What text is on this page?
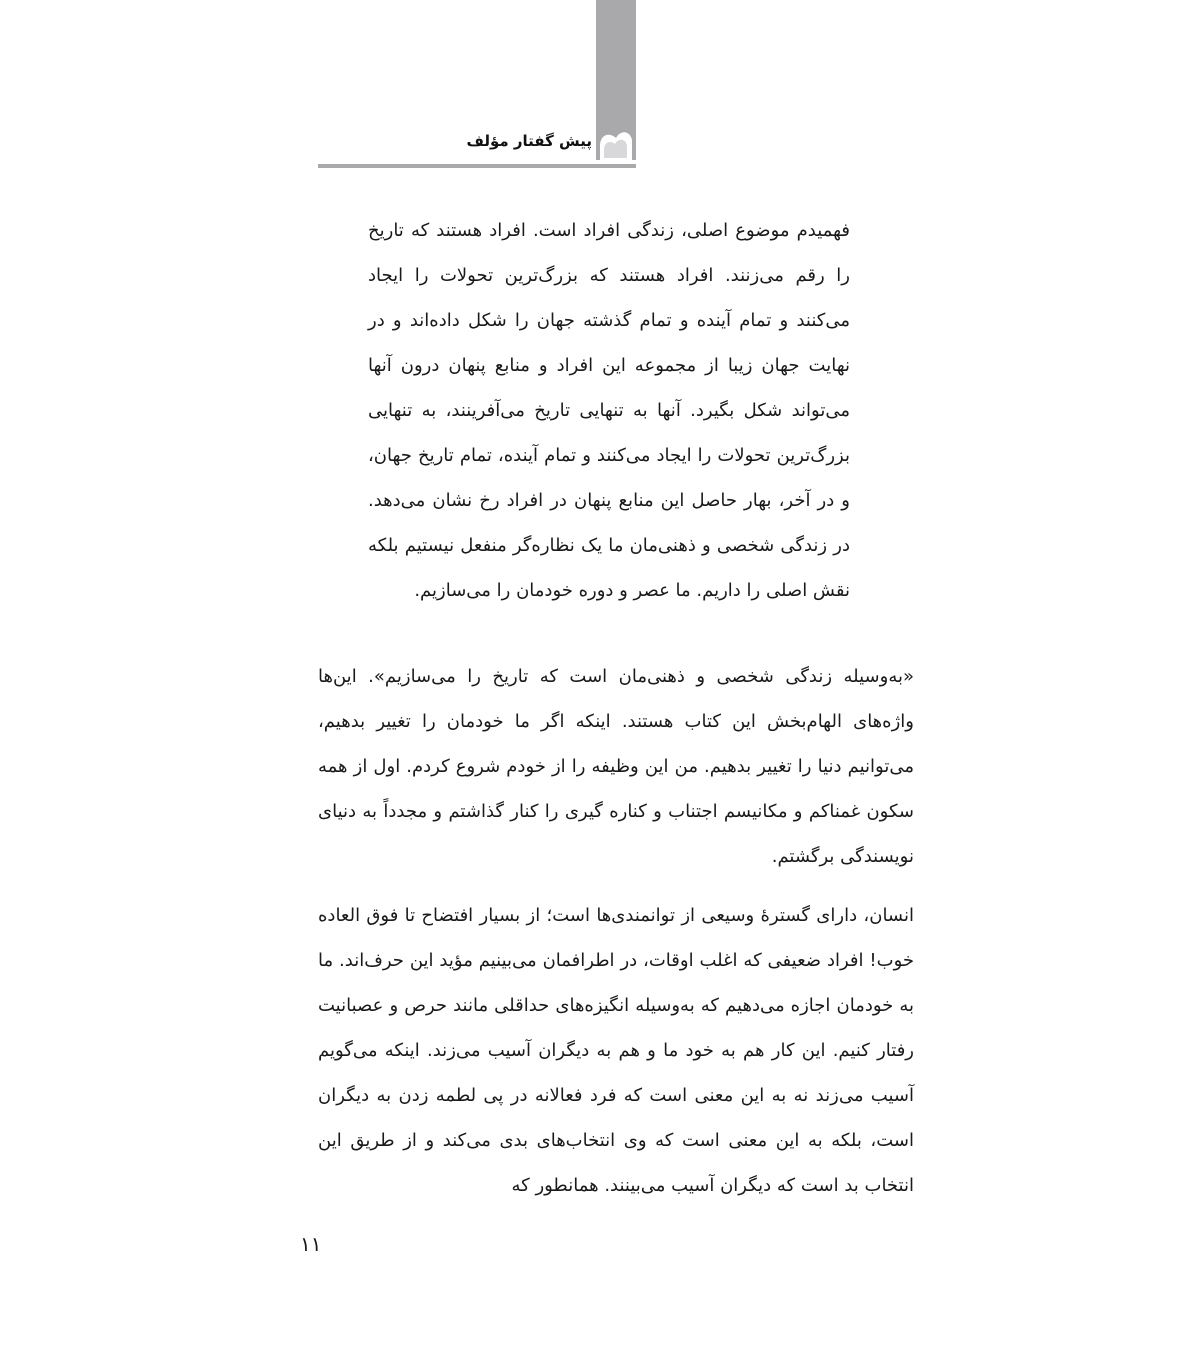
پیش گفتار مؤلف

فهمیدم موضوع اصلی، زندگی افراد است. افراد هستند که تاریخ را رقم می‌زنند. افراد هستند که بزرگ‌ترین تحولات را ایجاد می‌کنند و تمام آینده و تمام گذشته جهان را شکل داده‌اند و در نهایت جهان زیبا از مجموعه این افراد و منابع پنهان درون آنها می‌تواند شکل بگیرد. آنها به تنهایی تاریخ می‌آفرینند، به تنهایی بزرگ‌ترین تحولات را ایجاد می‌کنند و تمام آینده، تمام تاریخ جهان، و در آخر، بهار حاصل این منابع پنهان در افراد رخ نشان می‌دهد. در زندگی شخصی و ذهنی‌مان ما یک نظاره‌گر منفعل نیستیم بلکه نقش اصلی را داریم. ما عصر و دوره خودمان را می‌سازیم.

«به‌وسیله زندگی شخصی و ذهنی‌مان است که تاریخ را می‌سازیم». این‌ها واژه‌های الهام‌بخش این کتاب هستند. اینکه اگر ما خودمان را تغییر بدهیم، می‌توانیم دنیا را تغییر بدهیم. من این وظیفه را از خودم شروع کردم. اول از همه سکون غمناکم و مکانیسم اجتناب و کناره گیری را کنار گذاشتم و مجدداً به دنیای نویسندگی برگشتم.

انسان، دارای گسترهٔ وسیعی از توانمندی‌ها است؛ از بسیار افتضاح تا فوق العاده خوب! افراد ضعیفی که اغلب اوقات، در اطرافمان می‌بینیم مؤید این حرف‌اند. ما به خودمان اجازه می‌دهیم که به‌وسیله انگیزه‌های حداقلی مانند حرص و عصبانیت رفتار کنیم. این کار هم به خود ما و هم به دیگران آسیب می‌زند. اینکه می‌گویم آسیب می‌زند نه به این معنی است که فرد فعالانه در پی لطمه زدن به دیگران است، بلکه به این معنی است که وی انتخاب‌های بدی می‌کند و از طریق این انتخاب بد است که دیگران آسیب می‌بینند. همانطور که

۱۱
